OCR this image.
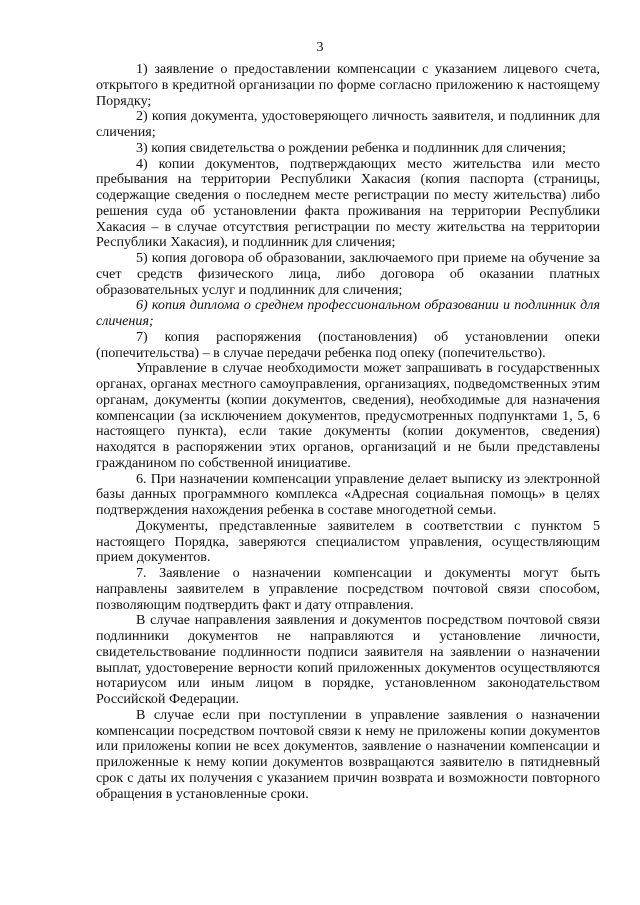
3

1) заявление о предоставлении компенсации с указанием лицевого счета, открытого в кредитной организации по форме согласно приложению к настоящему Порядку;

2) копия документа, удостоверяющего личность заявителя, и подлинник для сличения;

3) копия свидетельства о рождении ребенка и подлинник для сличения;

4) копии документов, подтверждающих место жительства или место пребывания на территории Республики Хакасия (копия паспорта (страницы, содержащие сведения о последнем месте регистрации по месту жительства) либо решения суда об установлении факта проживания на территории Республики Хакасия – в случае отсутствия регистрации по месту жительства на территории Республики Хакасия), и подлинник для сличения;

5) копия договора об образовании, заключаемого при приеме на обучение за счет средств физического лица, либо договора об оказании платных образовательных услуг и подлинник для сличения;

6) копия диплома о среднем профессиональном образовании и подлинник для сличения;

7) копия распоряжения (постановления) об установлении опеки (попечительства) – в случае передачи ребенка под опеку (попечительство).

Управление в случае необходимости может запрашивать в государственных органах, органах местного самоуправления, организациях, подведомственных этим органам, документы (копии документов, сведения), необходимые для назначения компенсации (за исключением документов, предусмотренных подпунктами 1, 5, 6 настоящего пункта), если такие документы (копии документов, сведения) находятся в распоряжении этих органов, организаций и не были представлены гражданином по собственной инициативе.

6. При назначении компенсации управление делает выписку из электронной базы данных программного комплекса «Адресная социальная помощь» в целях подтверждения нахождения ребенка в составе многодетной семьи.

Документы, представленные заявителем в соответствии с пунктом 5 настоящего Порядка, заверяются специалистом управления, осуществляющим прием документов.

7. Заявление о назначении компенсации и документы могут быть направлены заявителем в управление посредством почтовой связи способом, позволяющим подтвердить факт и дату отправления.

В случае направления заявления и документов посредством почтовой связи подлинники документов не направляются и установление личности, свидетельствование подлинности подписи заявителя на заявлении о назначении выплат, удостоверение верности копий приложенных документов осуществляются нотариусом или иным лицом в порядке, установленном законодательством Российской Федерации.

В случае если при поступлении в управление заявления о назначении компенсации посредством почтовой связи к нему не приложены копии документов или приложены копии не всех документов, заявление о назначении компенсации и приложенные к нему копии документов возвращаются заявителю в пятидневный срок с даты их получения с указанием причин возврата и возможности повторного обращения в установленные сроки.
